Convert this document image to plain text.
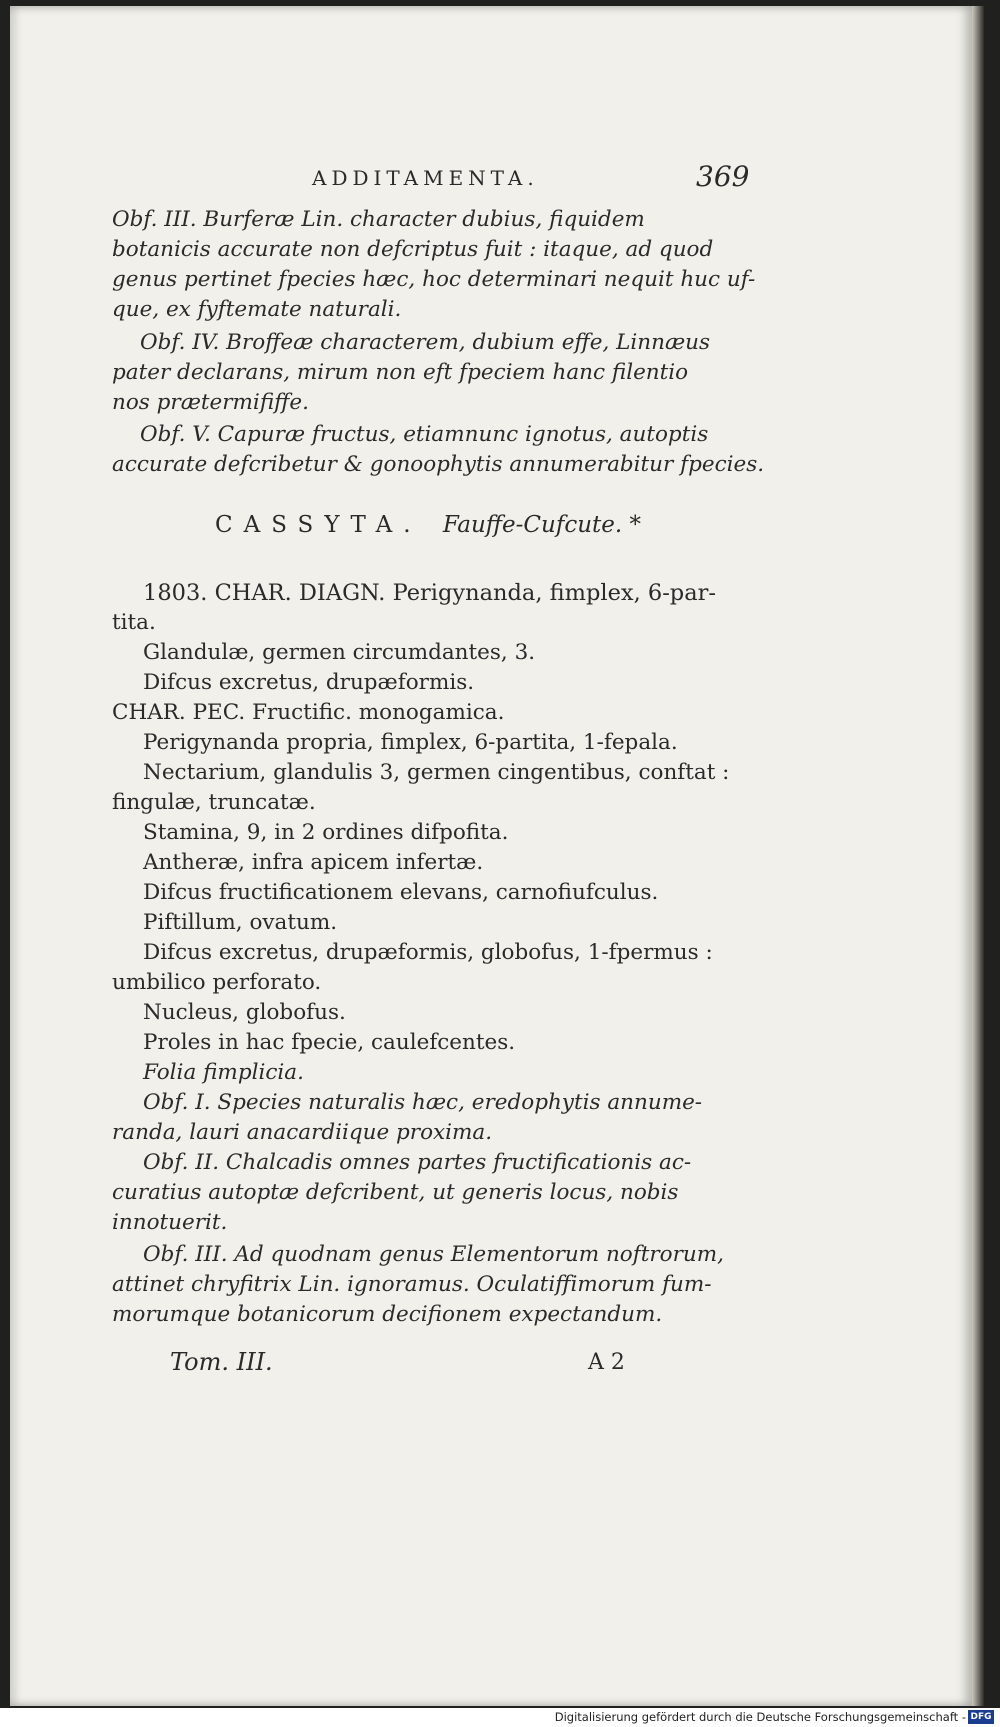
ADDITAMENTA.	369
Obf. III. Burferæ Lin. character dubius, fiquidem
botanicis accurate non defcriptus fuit : itaque, ad quod
genus pertinet fpecies hæc, hoc determinari nequit huc uf-
que, ex fyftemate naturali.
Obf. IV. Broffeæ characterem, dubium effe, Linnæus
pater declarans, mirum non eft fpeciem hanc filentio
nos prætermififfe.
Obf. V. Capuræ fructus, etiamnunc ignotus, autoptis
accurate defcribetur & gonoophytis annumerabitur fpecies.
CASSYTA. Fauffe-Cufcute. *
1803. CHAR. DIAGN. Perigynanda, fimplex, 6-par-
tita.
Glandulæ, germen circumdantes, 3.
Difcus excretus, drupæformis.
CHAR. PEC. Fructific. monogamica.
Perigynanda propria, fimplex, 6-partita, 1-fepala.
Nectarium, glandulis 3, germen cingentibus, conftat :
fingulæ, truncatæ.
Stamina, 9, in 2 ordines difpofita.
Antheræ, infra apicem infertæ.
Difcus fructificationem elevans, carnofiufculus.
Piftillum, ovatum.
Difcus excretus, drupæformis, globofus, 1-fpermus :
umbilico perforato.
Nucleus, globofus.
Proles in hac fpecie, caulefcentes.
Folia fimplicia.
Obf. I. Species naturalis hæc, eredophytis annume-
randa, lauri anacardiique proxima.
Obf. II. Chalcadis omnes partes fructificationis ac-
curatius autoptæ defcribent, ut generis locus, nobis
innotuerit.
Obf. III. Ad quodnam genus Elementorum noftrorum,
attinet chryfitrix Lin. ignoramus. Oculatiffimorum fum-
morumque botanicorum decifionem expectandum.
Tom. III.	A 2
Digitalisierung gefördert durch die Deutsche Forschungsgemeinschaft - DFG
